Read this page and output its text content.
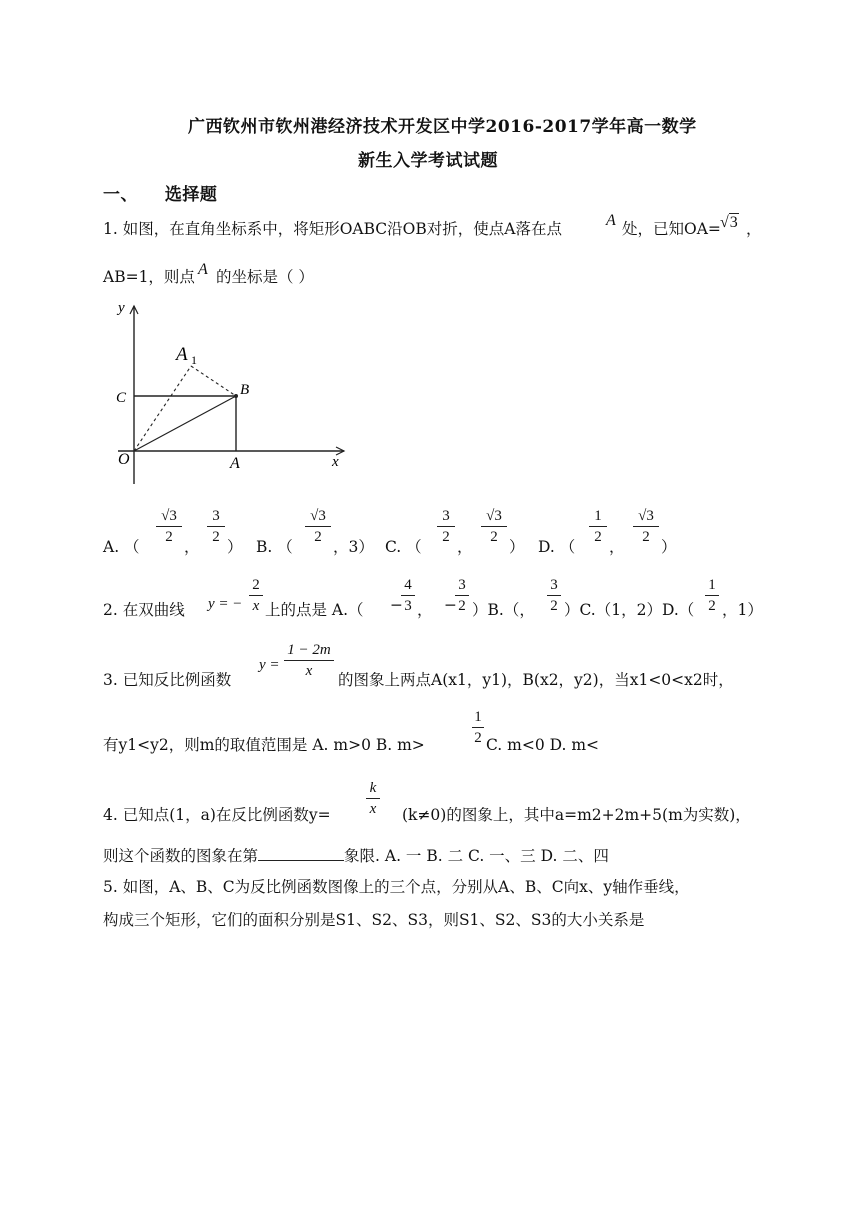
广西钦州市钦州港经济技术开发区中学2016-2017学年高一数学
新生入学考试试题
一、 选择题
1. 如图，在直角坐标系中，将矩形OABC沿OB对折，使点A落在点	A 处，已知OA= √3 ，
AB=1，则点 A 的坐标是（ ）
y
x
O	A
B
C
A 1
A. （
√3
2
，
3
2
） B. （
√3
2
，3） C. （
3
2
，
√3
2
） D. （
1
2
，
√3
2
）
2. 在双曲线 y = −
2
x 上的点是 A.（ −
4
3 ， −
3
2 ）B.（，
3
2 ）C.（1，2）D.（
1
2 ，1）
3. 已知反比例函数
y =
1 − 2m
x	的图象上两点A(x1，y1)，B(x2，y2)，当x1<0<x2时，
有y1<y2，则m的取值范围是 A. m>0 B. m>
1
2 C. m<0 D. m<
4. 已知点(1，a)在反比例函数y=
k
x (k≠0)的图象上，其中a=m2+2m+5(m为实数)，
则这个函数的图象在第	象限. A. 一 B. 二 C. 一、三 D. 二、四
5. 如图，A、B、C为反比例函数图像上的三个点，分别从A、B、C向x、y轴作垂线，
构成三个矩形，它们的面积分别是S1、S2、S3，则S1、S2、S3的大小关系是
